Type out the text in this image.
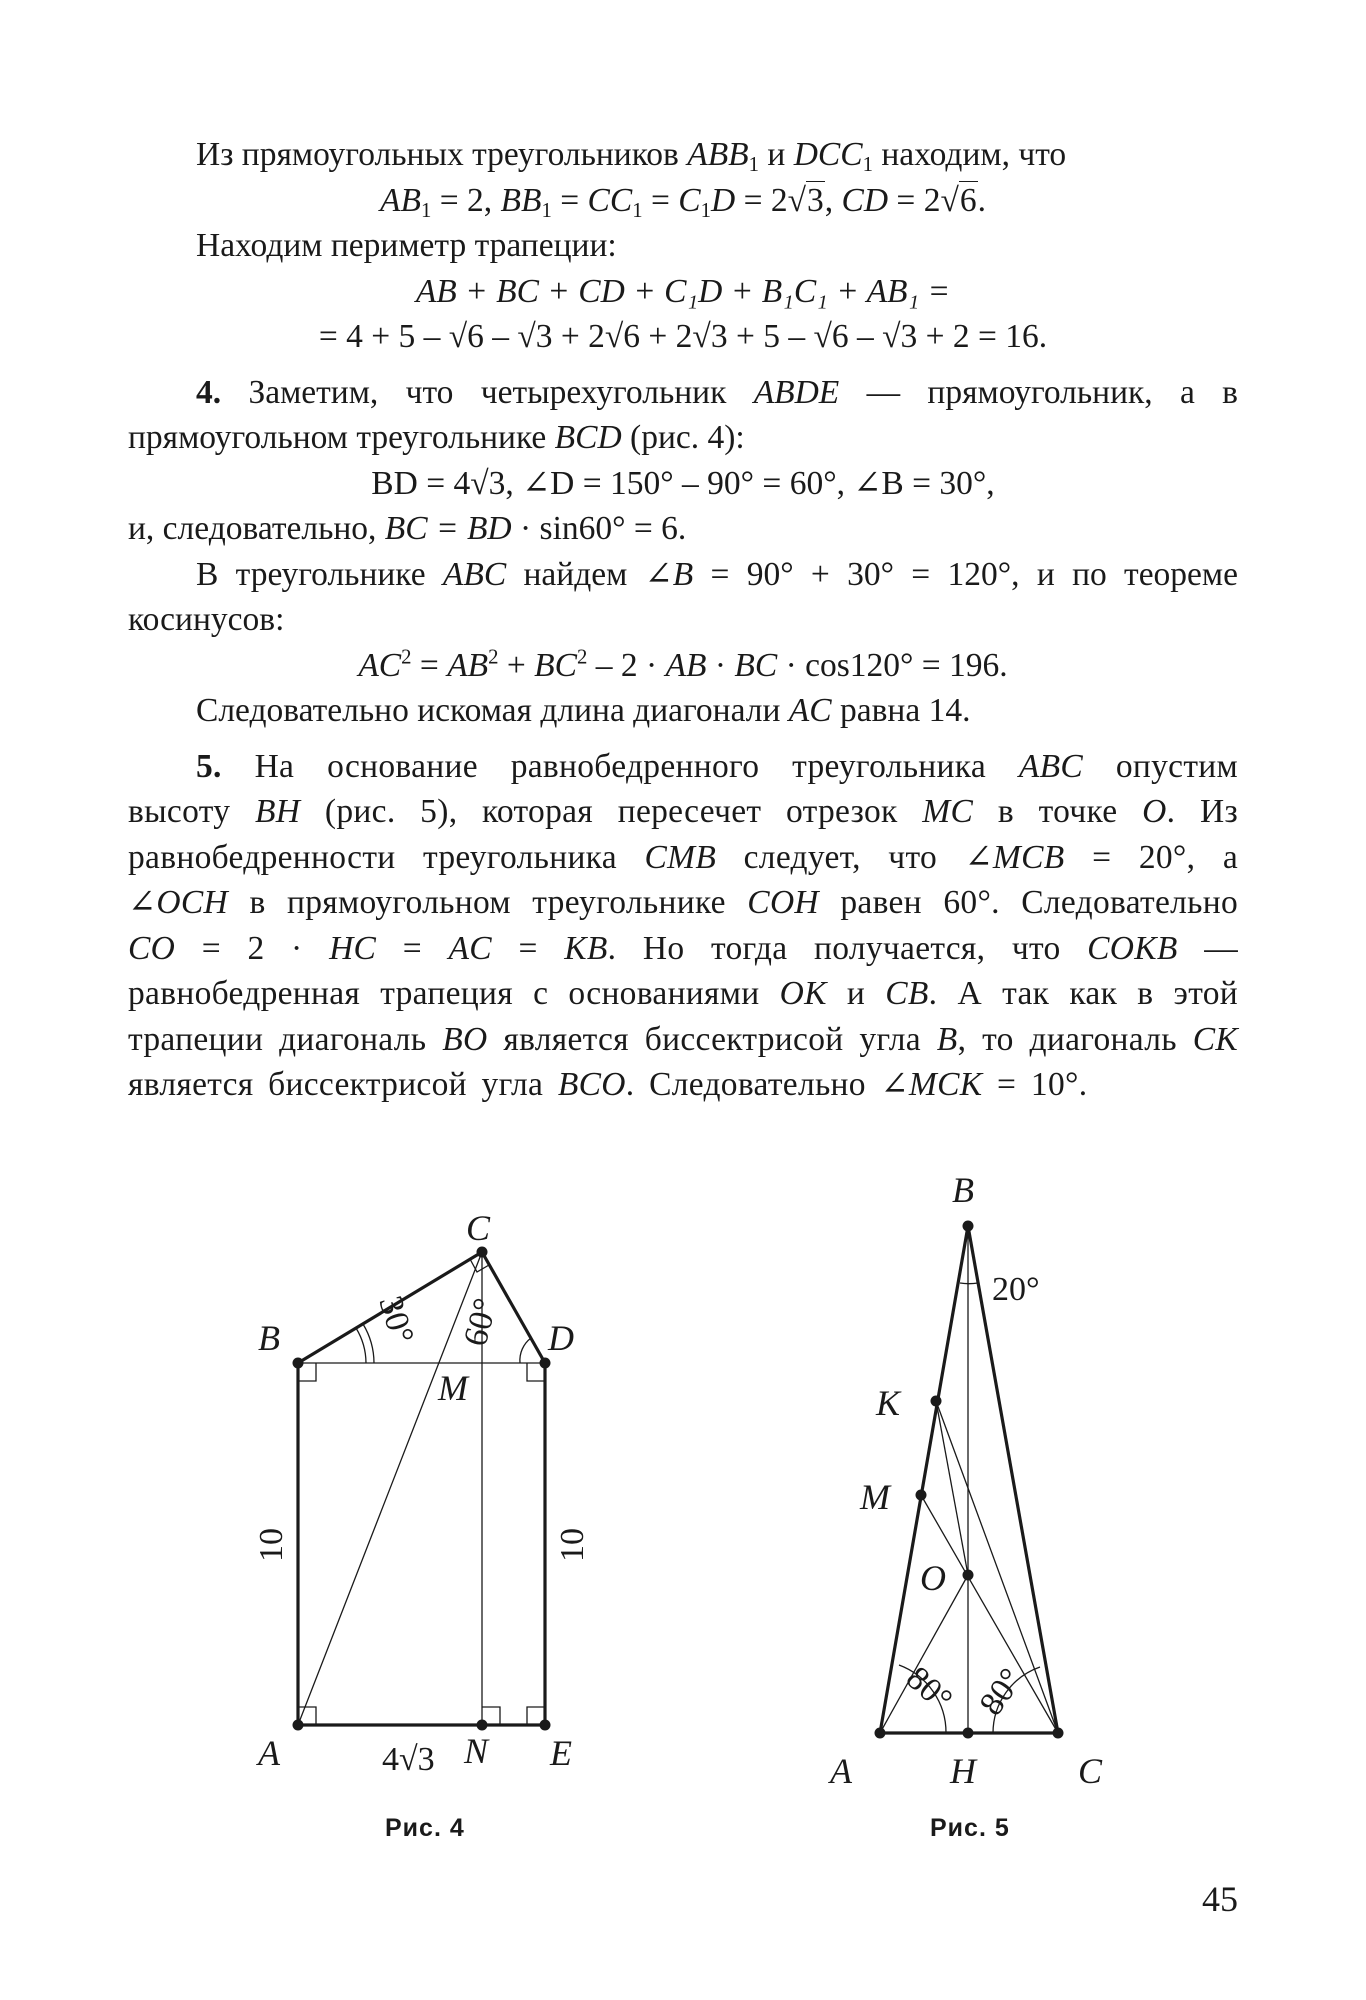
Из прямоугольных треугольников $ABB_1$ и $DCC_1$ находим, что

$AB_1 = 2$, $BB_1 = CC_1 = C_1D = 2√3$, CD = 2√6.

Находим периметр трапеции:

AB + BC + CD + C₁D + B₁C₁ + AB₁ =

= 4 + 5 – √6 – √3 + 2√6 + 2√3 + 5 – √6 – √3 + 2 = 16.

4. Заметим, что четырехугольник ABDE — прямоугольник, а в прямоугольном треугольнике BCD (рис. 4):

BD = 4√3, ∠D = 150° – 90° = 60°, ∠B = 30°,

и, следовательно, BC = BD · sin60° = 6.

В треугольнике ABC найдем ∠B = 90° + 30° = 120°, и по теореме косинусов:

$AC^2 = AB^2 + BC^2 - 2$ · AB · BC · cos120° = 196.

Следовательно искомая длина диагонали AC равна 14.

5. На основание равнобедренного треугольника ABC опустим высоту BH (рис. 5), которая пересечет отрезок MC в точке O. Из равнобедренности треугольника CMB следует, что ∠MCB = 20°, а ∠OCH в прямоугольном треугольнике COH равен 60°. Следовательно CO = 2 · HC = AC = KB. Но тогда получается, что COKB — равнобедренная трапеция с основаниями OK и CB. А так как в этой трапеции диагональ BO является биссектрисой угла B, то диагональ CK является биссектрисой угла BCO. Следовательно ∠MCK = 10°.

C
B	D
M
A	N E
4√3
10	10
30° 60°
Рис. 4
B
20°
K
M
O
80° 80°
A	H	C
Рис. 5
45
